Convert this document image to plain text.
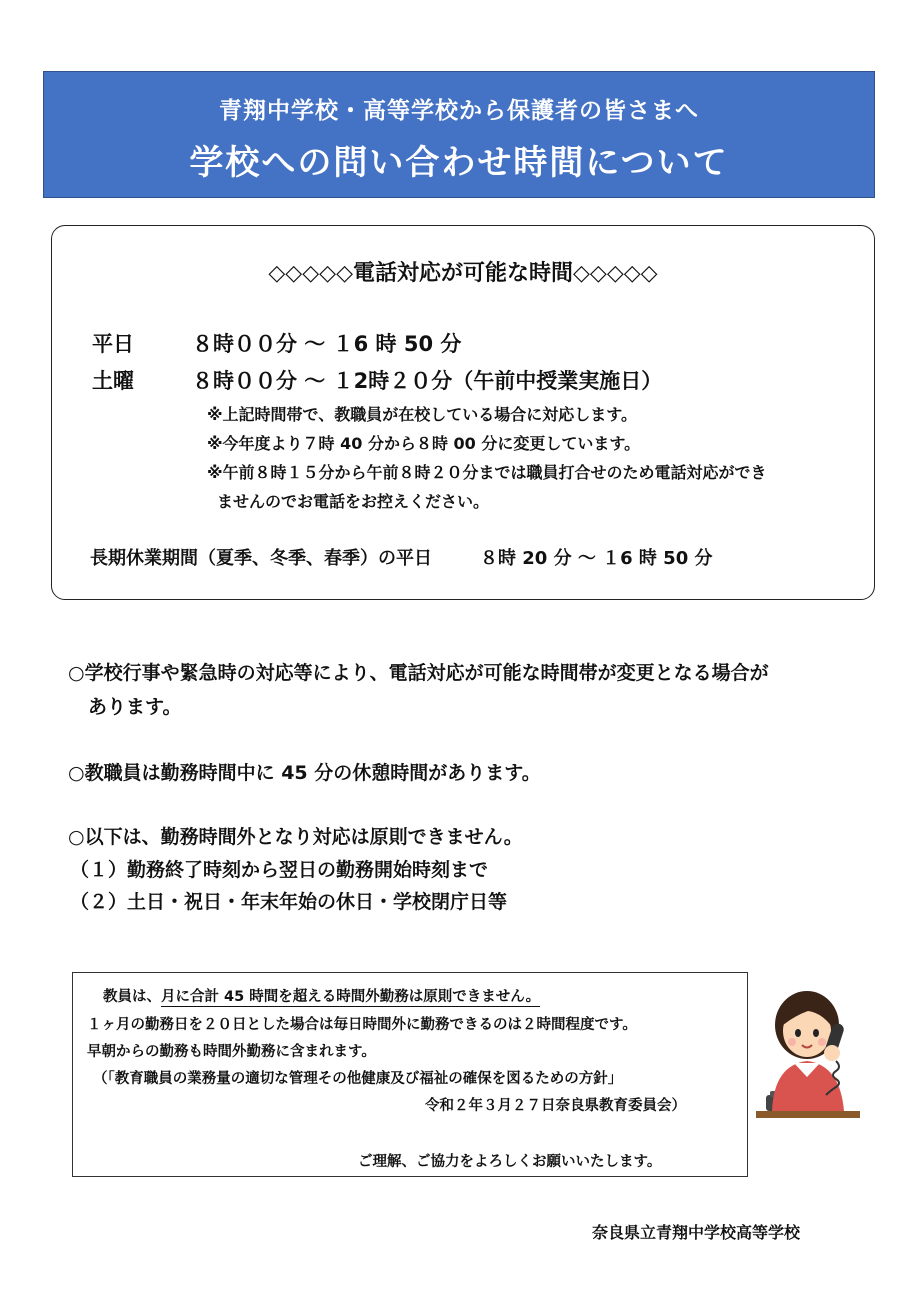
青翔中学校・高等学校から保護者の皆さまへ
学校への問い合わせ時間について
◇◇◇◇◇電話対応が可能な時間◇◇◇◇◇
平日	８時００分 ～ １6 時 50 分
土曜	８時００分 ～ １2時２０分（午前中授業実施日）
※上記時間帯で、教職員が在校している場合に対応します。
※今年度より７時 40 分から８時 00 分に変更しています。
※午前８時１５分から午前８時２０分までは職員打合せのため電話対応ができ
ませんのでお電話をお控えください。
長期休業期間（夏季、冬季、春季）の平日	８時 20 分 ～ １6 時 50 分
○学校行事や緊急時の対応等により、電話対応が可能な時間帯が変更となる場合が
あります。
○教職員は勤務時間中に 45 分の休憩時間があります。
○以下は、勤務時間外となり対応は原則できません。
（１）勤務終了時刻から翌日の勤務開始時刻まで
（２）土日・祝日・年末年始の休日・学校閉庁日等
教員は、月に合計 45 時間を超える時間外勤務は原則できません。
１ヶ月の勤務日を２０日とした場合は毎日時間外に勤務できるのは２時間程度です。
早朝からの勤務も時間外勤務に含まれます。
（「教育職員の業務量の適切な管理その他健康及び福祉の確保を図るための方針」
令和２年３月２７日奈良県教育委員会）
ご理解、ご協力をよろしくお願いいたします。
奈良県立青翔中学校高等学校
